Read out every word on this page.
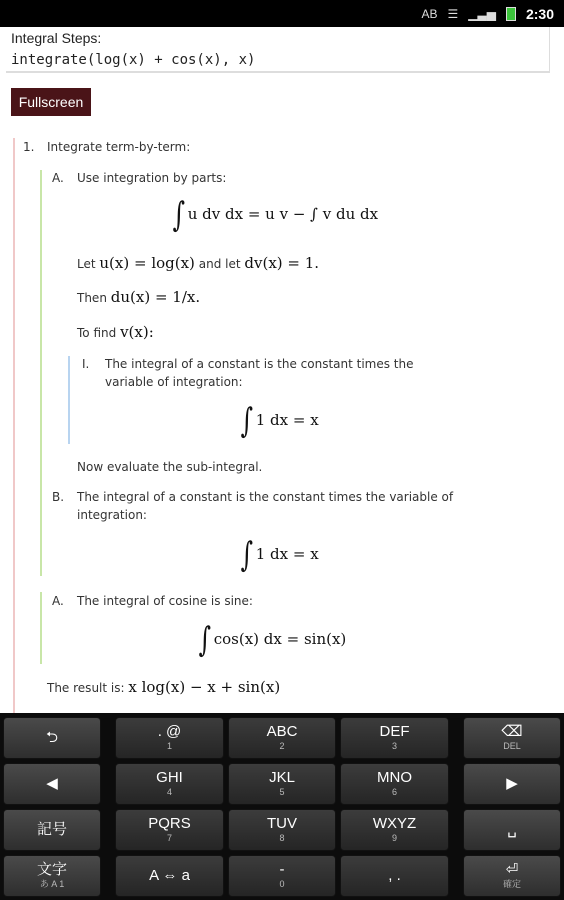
AB ☰ ▁▃▅ 2:30
Integral Steps:
integrate(log(x) + cos(x), x)
Fullscreen
1. Integrate term-by-term:
A. Use integration by parts:
∫ u dv dx = u v − ∫ v du dx
Let u(x) = log(x) and let dv(x) = 1.
Then du(x) = 1/x.
To find v(x):
I. The integral of a constant is the constant times the
variable of integration:
∫ 1 dx = x
Now evaluate the sub-integral.
B. The integral of a constant is the constant times the variable of
integration:
∫ 1 dx = x
A. The integral of cosine is sine:
∫ cos(x) dx = sin(x)
The result is: x log(x) − x + sin(x)
⮌	. @
1
ABC
2
DEF
3
⌫
DEL
◀	GHI
4
JKL
5
MNO
6	▶
記号	PQRS
7
TUV
8
WXYZ
9	␣
文字
あ A 1	A ⇔ a	-
0	, .	⏎
確定
